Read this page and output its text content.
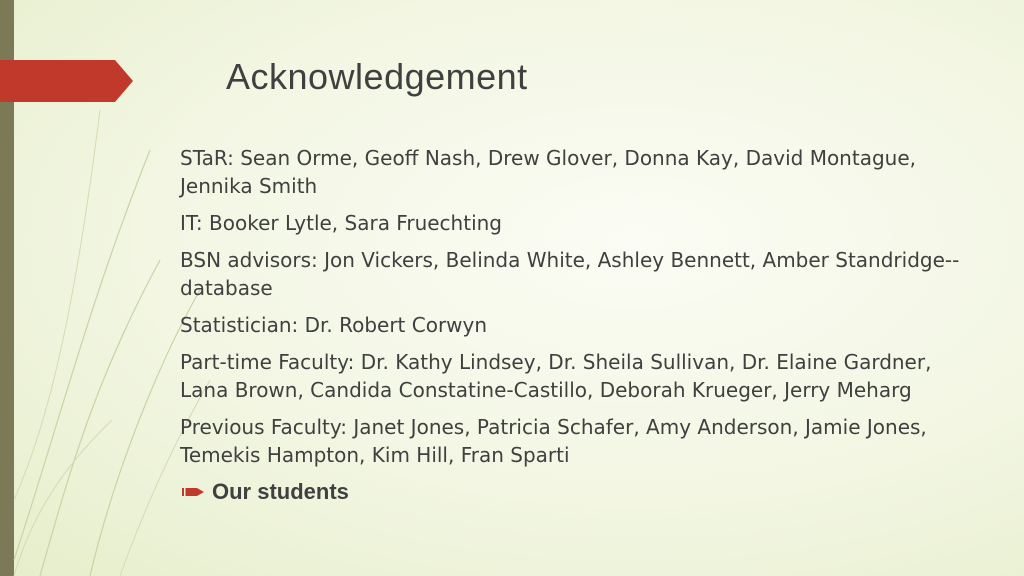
Acknowledgement

STaR: Sean Orme, Geoff Nash, Drew Glover, Donna Kay, David Montague, Jennika Smith

IT: Booker Lytle, Sara Fruechting

BSN advisors: Jon Vickers, Belinda White, Ashley Bennett, Amber Standridge--database

Statistician: Dr. Robert Corwyn

Part-time Faculty: Dr. Kathy Lindsey, Dr. Sheila Sullivan, Dr. Elaine Gardner, Lana Brown, Candida Constatine-Castillo, Deborah Krueger, Jerry Meharg

Previous Faculty: Janet Jones, Patricia Schafer, Amy Anderson, Jamie Jones, Temekis Hampton, Kim Hill, Fran Sparti

Our students
